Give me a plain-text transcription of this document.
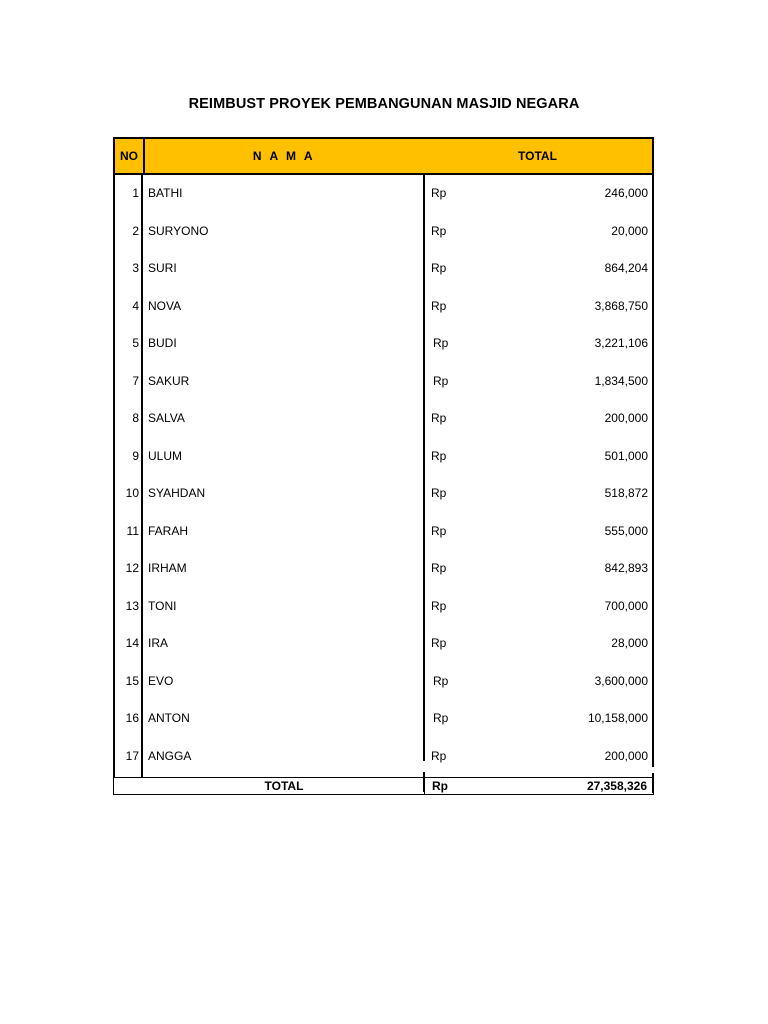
REIMBUST PROYEK PEMBANGUNAN MASJID NEGARA
NO	N A M A	TOTAL
1 BATHI	Rp	246,000
2 SURYONO	Rp	20,000
3 SURI	Rp	864,204
4 NOVA	Rp	3,868,750
5 BUDI	Rp	3,221,106
7 SAKUR	Rp	1,834,500
8 SALVA	Rp	200,000
9 ULUM	Rp	501,000
10 SYAHDAN	Rp	518,872
11 FARAH	Rp	555,000
12 IRHAM	Rp	842,893
13 TONI	Rp	700,000
14 IRA	Rp	28,000
15 EVO	Rp	3,600,000
16 ANTON	Rp	10,158,000
17 ANGGA	Rp	200,000
TOTAL	Rp	27,358,326
